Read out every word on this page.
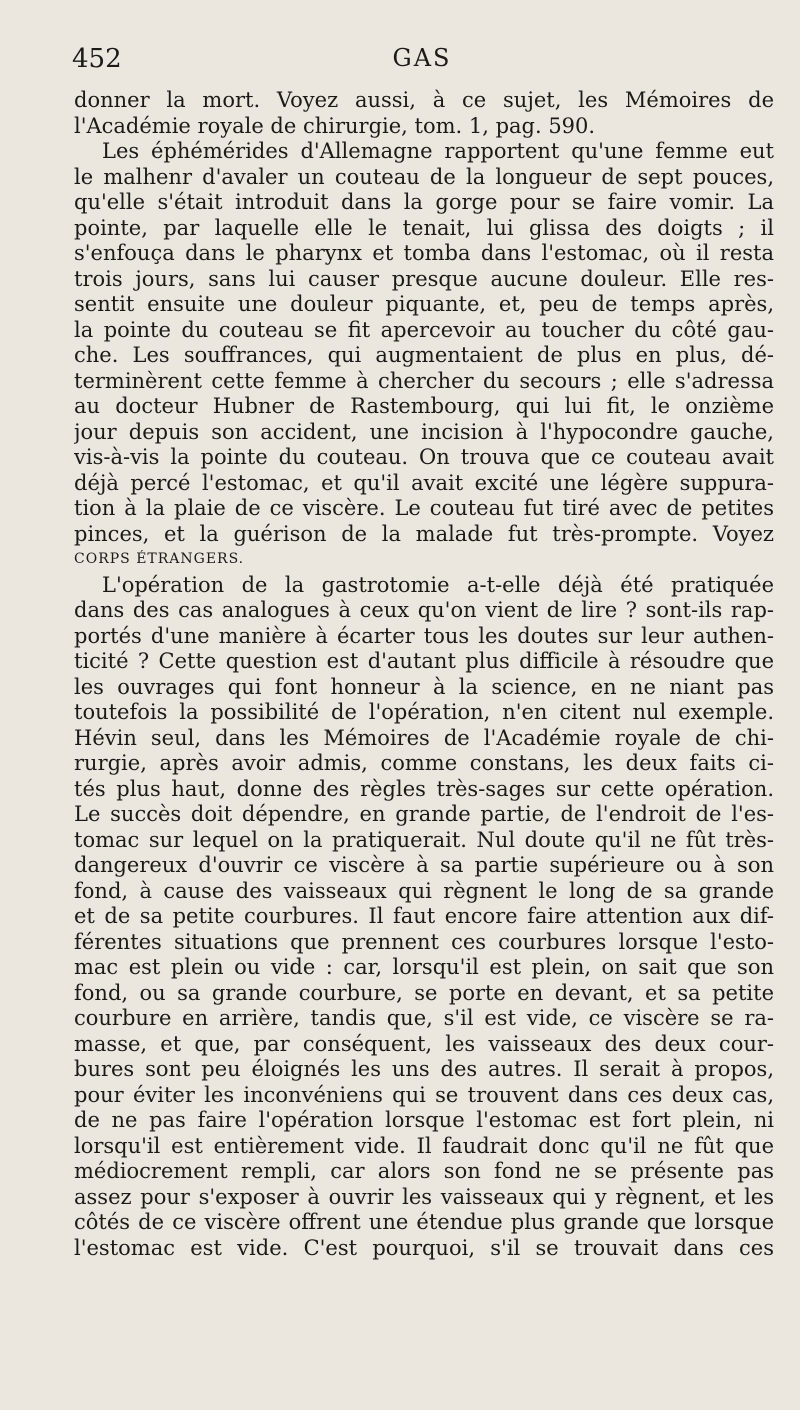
452	GAS
donner la mort. Voyez aussi, à ce sujet, les Mémoires de
l'Académie royale de chirurgie, tom. 1, pag. 590.
Les éphémérides d'Allemagne rapportent qu'une femme eut
le malhenr d'avaler un couteau de la longueur de sept pouces,
qu'elle s'était introduit dans la gorge pour se faire vomir. La
pointe, par laquelle elle le tenait, lui glissa des doigts ; il
s'enfouça dans le pharynx et tomba dans l'estomac, où il resta
trois jours, sans lui causer presque aucune douleur. Elle res-
sentit ensuite une douleur piquante, et, peu de temps après,
la pointe du couteau se fit apercevoir au toucher du côté gau-
che. Les souffrances, qui augmentaient de plus en plus, dé-
terminèrent cette femme à chercher du secours ; elle s'adressa
au docteur Hubner de Rastembourg, qui lui fit, le onzième
jour depuis son accident, une incision à l'hypocondre gauche,
vis-à-vis la pointe du couteau. On trouva que ce couteau avait
déjà percé l'estomac, et qu'il avait excité une légère suppura-
tion à la plaie de ce viscère. Le couteau fut tiré avec de petites
pinces, et la guérison de la malade fut très-prompte. Voyez
CORPS ÉTRANGERS.
L'opération de la gastrotomie a-t-elle déjà été pratiquée
dans des cas analogues à ceux qu'on vient de lire ? sont-ils rap-
portés d'une manière à écarter tous les doutes sur leur authen-
ticité ? Cette question est d'autant plus difficile à résoudre que
les ouvrages qui font honneur à la science, en ne niant pas
toutefois la possibilité de l'opération, n'en citent nul exemple.
Hévin seul, dans les Mémoires de l'Académie royale de chi-
rurgie, après avoir admis, comme constans, les deux faits ci-
tés plus haut, donne des règles très-sages sur cette opération.
Le succès doit dépendre, en grande partie, de l'endroit de l'es-
tomac sur lequel on la pratiquerait. Nul doute qu'il ne fût très-
dangereux d'ouvrir ce viscère à sa partie supérieure ou à son
fond, à cause des vaisseaux qui règnent le long de sa grande
et de sa petite courbures. Il faut encore faire attention aux dif-
férentes situations que prennent ces courbures lorsque l'esto-
mac est plein ou vide : car, lorsqu'il est plein, on sait que son
fond, ou sa grande courbure, se porte en devant, et sa petite
courbure en arrière, tandis que, s'il est vide, ce viscère se ra-
masse, et que, par conséquent, les vaisseaux des deux cour-
bures sont peu éloignés les uns des autres. Il serait à propos,
pour éviter les inconvéniens qui se trouvent dans ces deux cas,
de ne pas faire l'opération lorsque l'estomac est fort plein, ni
lorsqu'il est entièrement vide. Il faudrait donc qu'il ne fût que
médiocrement rempli, car alors son fond ne se présente pas
assez pour s'exposer à ouvrir les vaisseaux qui y règnent, et les
côtés de ce viscère offrent une étendue plus grande que lorsque
l'estomac est vide. C'est pourquoi, s'il se trouvait dans ces
